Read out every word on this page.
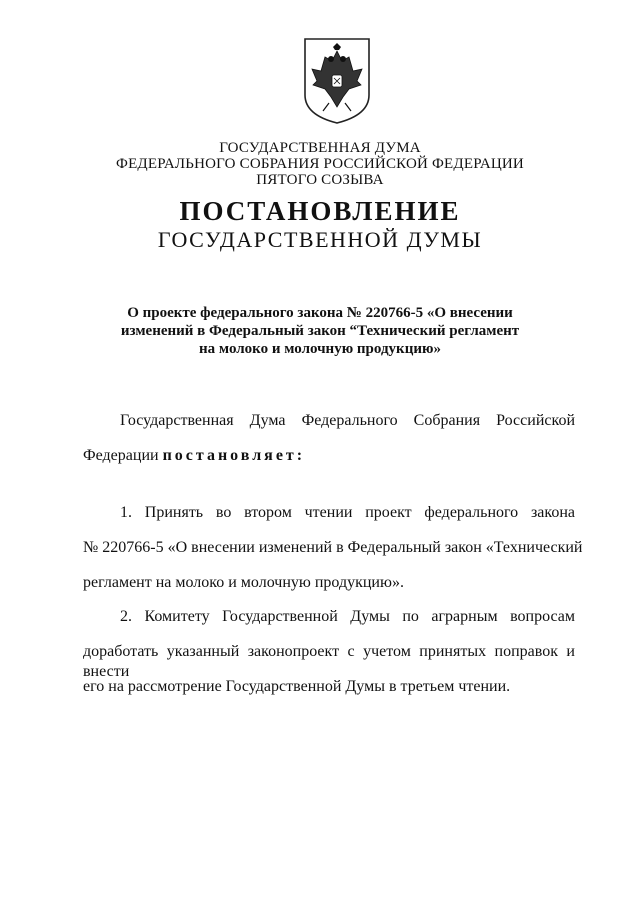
ГОСУДАРСТВЕННАЯ ДУМА
ФЕДЕРАЛЬНОГО СОБРАНИЯ РОССИЙСКОЙ ФЕДЕРАЦИИ
ПЯТОГО СОЗЫВА
ПОСТАНОВЛЕНИЕ
ГОСУДАРСТВЕННОЙ ДУМЫ
О проекте федерального закона № 220766-5 «О внесении
изменений в Федеральный закон “Технический регламент
на молоко и молочную продукцию»
Государственная Дума Федерального Собрания Российской
Федерации постановляет:
1. Принять во втором чтении проект федерального закона
№ 220766-5 «О внесении изменений в Федеральный закон «Технический
регламент на молоко и молочную продукцию».
2. Комитету Государственной Думы по аграрным вопросам
доработать указанный законопроект с учетом принятых поправок и внести
его на рассмотрение Государственной Думы в третьем чтении.
